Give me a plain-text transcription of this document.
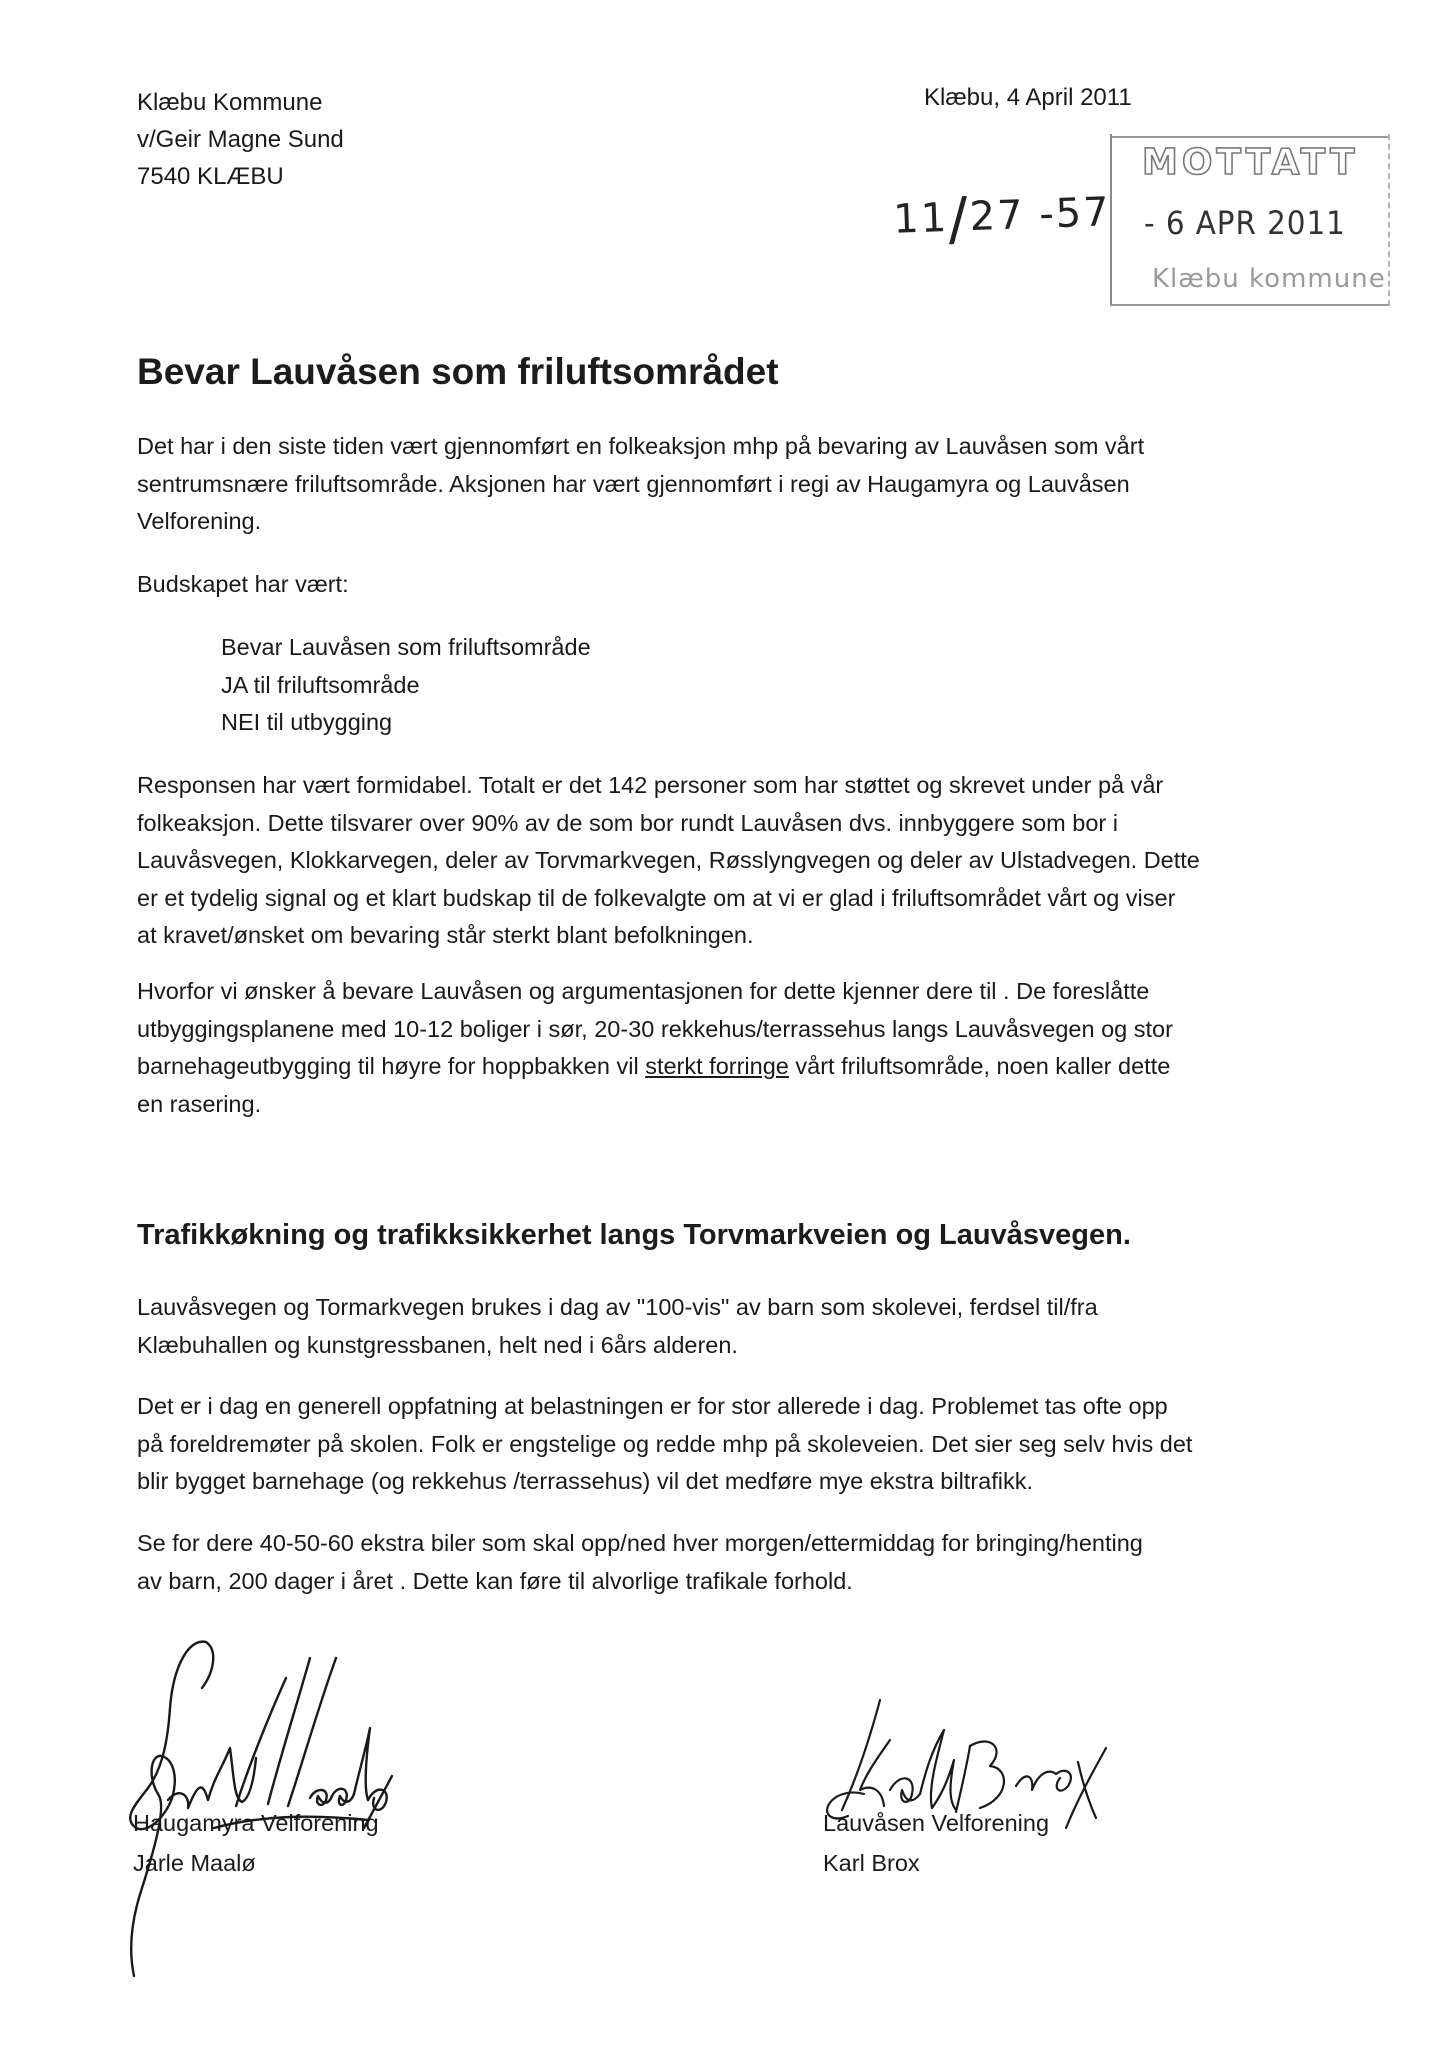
Klæbu Kommune
v/Geir Magne Sund
7540 KLÆBU
Klæbu, 4 April 2011
11/27 -57
MOTTATT
- 6 APR 2011
Klæbu kommune
Bevar Lauvåsen som friluftsområdet
Det har i den siste tiden vært gjennomført en folkeaksjon mhp på bevaring av Lauvåsen som vårt
sentrumsnære friluftsområde. Aksjonen har vært gjennomført i regi av Haugamyra og Lauvåsen
Velforening.
Budskapet har vært:
Bevar Lauvåsen som friluftsområde
JA til friluftsområde
NEI til utbygging
Responsen har vært formidabel. Totalt er det 142 personer som har støttet og skrevet under på vår
folkeaksjon. Dette tilsvarer over 90% av de som bor rundt Lauvåsen dvs. innbyggere som bor i
Lauvåsvegen, Klokkarvegen, deler av Torvmarkvegen, Røsslyngvegen og deler av Ulstadvegen. Dette
er et tydelig signal og et klart budskap til de folkevalgte om at vi er glad i friluftsområdet vårt og viser
at kravet/ønsket om bevaring står sterkt blant befolkningen.
Hvorfor vi ønsker å bevare Lauvåsen og argumentasjonen for dette kjenner dere til . De foreslåtte
utbyggingsplanene med 10-12 boliger i sør, 20-30 rekkehus/terrassehus langs Lauvåsvegen og stor
barnehageutbygging til høyre for hoppbakken vil sterkt forringe vårt friluftsområde, noen kaller dette
en rasering.
Trafikkøkning og trafikksikkerhet langs Torvmarkveien og Lauvåsvegen.
Lauvåsvegen og Tormarkvegen brukes i dag av "100-vis" av barn som skolevei, ferdsel til/fra
Klæbuhallen og kunstgressbanen, helt ned i 6års alderen.
Det er i dag en generell oppfatning at belastningen er for stor allerede i dag. Problemet tas ofte opp
på foreldremøter på skolen. Folk er engstelige og redde mhp på skoleveien. Det sier seg selv hvis det
blir bygget barnehage (og rekkehus /terrassehus) vil det medføre mye ekstra biltrafikk.
Se for dere 40-50-60 ekstra biler som skal opp/ned hver morgen/ettermiddag for bringing/henting
av barn, 200 dager i året . Dette kan føre til alvorlige trafikale forhold.
Haugamyra Velforening
Jarle Maalø
Lauvåsen Velforening
Karl Brox
